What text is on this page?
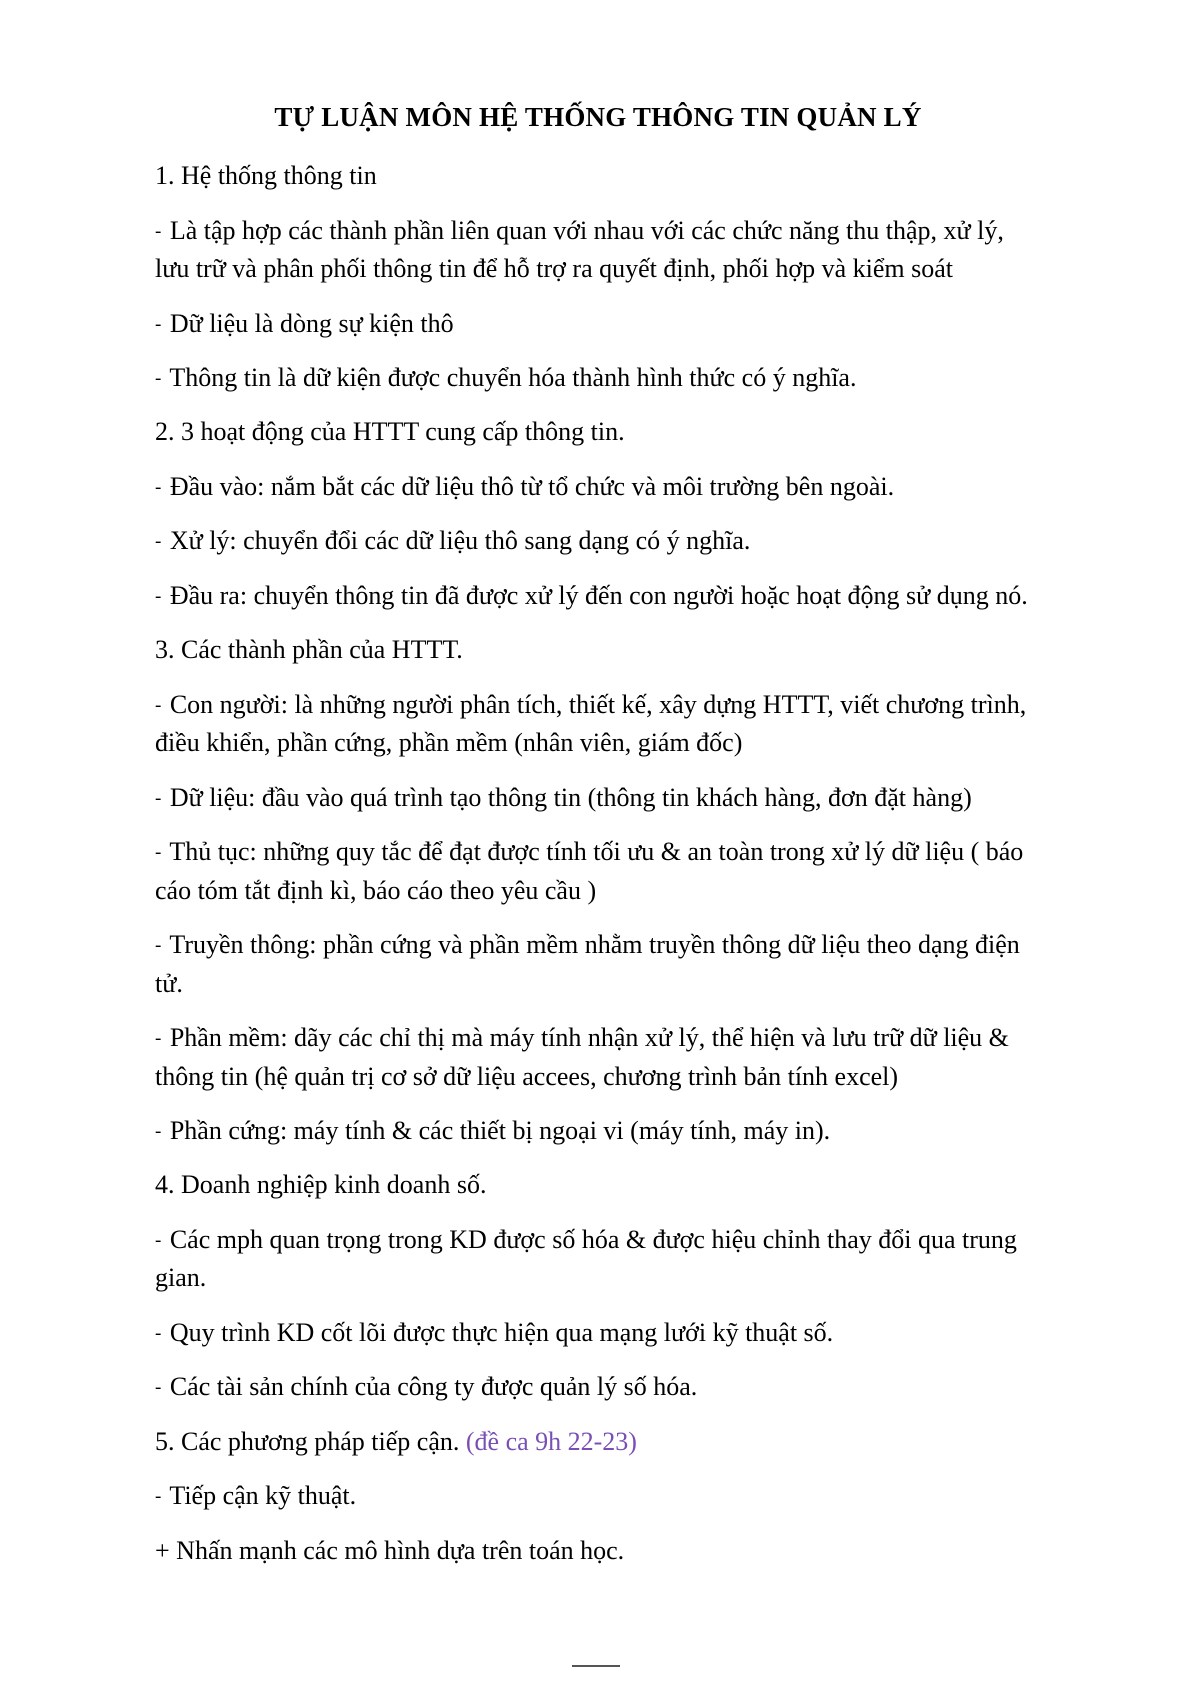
TỰ LUẬN MÔN HỆ THỐNG THÔNG TIN QUẢN LÝ
1. Hệ thống thông tin
- Là tập hợp các thành phần liên quan với nhau với các chức năng thu thập, xử lý, lưu trữ và phân phối thông tin để hỗ trợ ra quyết định, phối hợp và kiểm soát
- Dữ liệu là dòng sự kiện thô
- Thông tin là dữ kiện được chuyển hóa thành hình thức có ý nghĩa.
2. 3 hoạt động của HTTT cung cấp thông tin.
- Đầu vào: nắm bắt các dữ liệu thô từ tổ chức và môi trường bên ngoài.
- Xử lý: chuyển đổi các dữ liệu thô sang dạng có ý nghĩa.
- Đầu ra: chuyển thông tin đã được xử lý đến con người hoặc hoạt động sử dụng nó.
3. Các thành phần của HTTT.
- Con người: là những người phân tích, thiết kế, xây dựng HTTT, viết chương trình, điều khiển, phần cứng, phần mềm (nhân viên, giám đốc)
- Dữ liệu: đầu vào quá trình tạo thông tin (thông tin khách hàng, đơn đặt hàng)
- Thủ tục: những quy tắc để đạt được tính tối ưu & an toàn trong xử lý dữ liệu ( báo cáo tóm tắt định kì, báo cáo theo yêu cầu )
- Truyền thông: phần cứng và phần mềm nhằm truyền thông dữ liệu theo dạng điện tử.
- Phần mềm: dãy các chỉ thị mà máy tính nhận xử lý, thể hiện và lưu trữ dữ liệu & thông tin (hệ quản trị cơ sở dữ liệu accees, chương trình bản tính excel)
- Phần cứng: máy tính & các thiết bị ngoại vi (máy tính, máy in).
4. Doanh nghiệp kinh doanh số.
- Các mph quan trọng trong KD được số hóa & được hiệu chỉnh thay đổi qua trung gian.
- Quy trình KD cốt lõi được thực hiện qua mạng lưới kỹ thuật số.
- Các tài sản chính của công ty được quản lý số hóa.
5. Các phương pháp tiếp cận. (đề ca 9h 22-23)
- Tiếp cận kỹ thuật.
+ Nhấn mạnh các mô hình dựa trên toán học.
